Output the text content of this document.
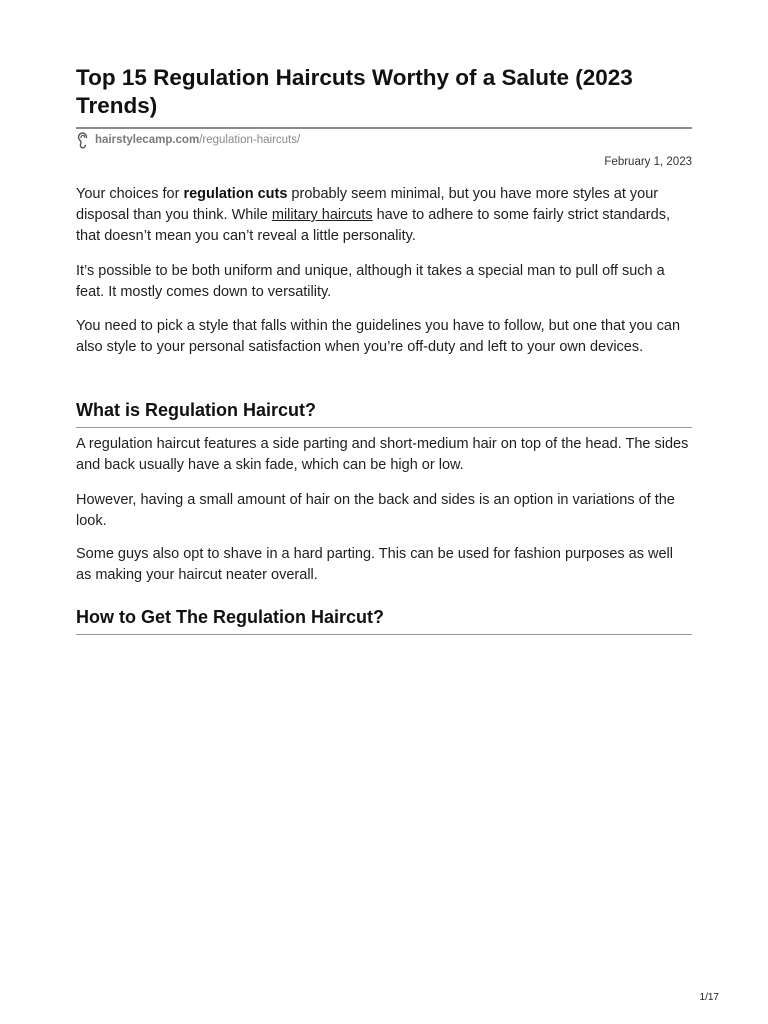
Top 15 Regulation Haircuts Worthy of a Salute (2023 Trends)
hairstylecamp.com /regulation-haircuts/
February 1, 2023

Your choices for regulation cuts probably seem minimal, but you have more styles at your disposal than you think. While military haircuts have to adhere to some fairly strict standards, that doesn’t mean you can’t reveal a little personality.

It’s possible to be both uniform and unique, although it takes a special man to pull off such a feat. It mostly comes down to versatility.

You need to pick a style that falls within the guidelines you have to follow, but one that you can also style to your personal satisfaction when you’re off-duty and left to your own devices.

What is Regulation Haircut?

A regulation haircut features a side parting and short-medium hair on top of the head. The sides and back usually have a skin fade, which can be high or low.

However, having a small amount of hair on the back and sides is an option in variations of the look.

Some guys also opt to shave in a hard parting. This can be used for fashion purposes as well as making your haircut neater overall.

How to Get The Regulation Haircut?
1/17
